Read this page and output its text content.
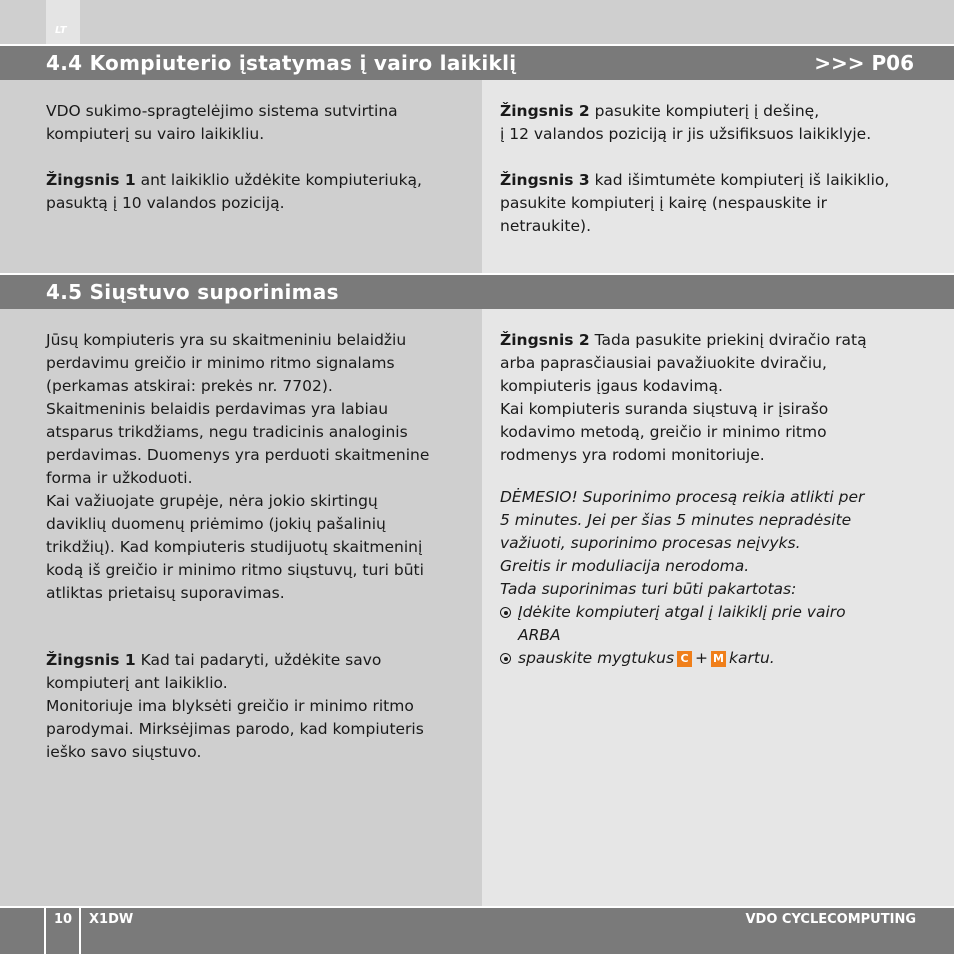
LT
4.4 Kompiuterio įstatymas į vairo laikiklį	>>> P06
VDO sukimo-spragtelėjimo sistema sutvirtina
kompiuterį su vairo laikikliu.
Žingsnis 1 ant laikiklio uždėkite kompiuteriuką,
pasuktą į 10 valandos poziciją.
Žingsnis 2 pasukite kompiuterį į dešinę,
į 12 valandos poziciją ir jis užsifiksuos laikiklyje.
Žingsnis 3 kad išimtumėte kompiuterį iš laikiklio,
pasukite kompiuterį į kairę (nespauskite ir
netraukite).
4.5 Siųstuvo suporinimas
Jūsų kompiuteris yra su skaitmeniniu belaidžiu
perdavimu greičio ir minimo ritmo signalams
(perkamas atskirai: prekės nr. 7702).
Skaitmeninis belaidis perdavimas yra labiau
atsparus trikdžiams, negu tradicinis analoginis
perdavimas. Duomenys yra perduoti skaitmenine
forma ir užkoduoti.
Kai važiuojate grupėje, nėra jokio skirtingų
daviklių duomenų priėmimo (jokių pašalinių
trikdžių). Kad kompiuteris studijuotų skaitmeninį
kodą iš greičio ir minimo ritmo siųstuvų, turi būti
atliktas prietaisų suporavimas.
Žingsnis 1 Kad tai padaryti, uždėkite savo
kompiuterį ant laikiklio.
Monitoriuje ima blyksėti greičio ir minimo ritmo
parodymai. Mirksėjimas parodo, kad kompiuteris
ieško savo siųstuvo.
Žingsnis 2 Tada pasukite priekinį dviračio ratą
arba paprasčiausiai pavažiuokite dviračiu,
kompiuteris įgaus kodavimą.
Kai kompiuteris suranda siųstuvą ir įsirašo
kodavimo metodą, greičio ir minimo ritmo
rodmenys yra rodomi monitoriuje.
DĖMESIO! Suporinimo procesą reikia atlikti per
5 minutes. Jei per šias 5 minutes nepradėsite
važiuoti, suporinimo procesas neįvyks.
Greitis ir moduliacija nerodoma.
Tada suporinimas turi būti pakartotas:
Įdėkite kompiuterį atgal į laikiklį prie vairo
ARBA
spauskite mygtukus C + M kartu.
10 X1DW	VDO CYCLECOMPUTING
